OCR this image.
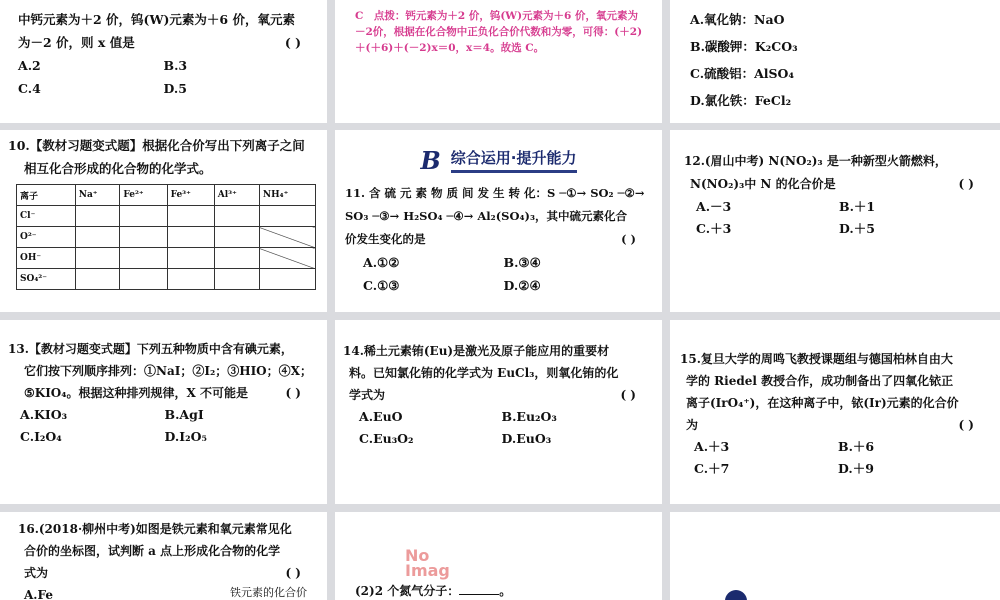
中钙元素为＋2 价，钨(W)元素为＋6 价，氧元素
为－2 价，则 x 值是	( )
A.2	B.3
C.4	D.5
C　点拨：钙元素为＋2 价，钨(W)元素为＋6 价，氧元素为－2价，根据在化合物中正负化合价代数和为零，可得：(＋2)＋(＋6)＋(－2)x＝0，x＝4。故选 C。
A.氧化钠：NaO
B.碳酸钾：K₂CO₃
C.硫酸铝：AlSO₄
D.氯化铁：FeCl₂
10.【教材习题变式题】根据化合价写出下列离子之间

相互化合形成的化合物的化学式。
离子	Na⁺	Fe²⁺	Fe³⁺	Al³⁺	NH₄⁺
Cl⁻					
O²⁻					
OH⁻					
SO₄²⁻					
B 综合运用·提升能力
11. 含 硫 元 素 物 质 间 发 生 转 化：S ─①→ SO₂ ─②→
SO₃ ─③→ H₂SO₄ ─④→ Al₂(SO₄)₃，其中硫元素化合
价发生变化的是	( )
A.①②	B.③④
C.①③	D.②④
12.(眉山中考) N(NO₂)₃ 是一种新型火箭燃料，

N(NO₂)₃中 N 的化合价是	( )
A.－3	B.＋1
C.＋3	D.＋5
13.【教材习题变式题】下列五种物质中含有碘元素，

它们按下列顺序排列：①NaI；②I₂；③HIO；④X；
⑤KIO₄。根据这种排列规律，X 不可能是	( )
A.KIO₃	B.AgI
C.I₂O₄	D.I₂O₅
14.稀土元素铕(Eu)是激光及原子能应用的重要材

料。已知氯化铕的化学式为 EuCl₃，则氧化铕的化
学式为	( )
A.EuO	B.Eu₂O₃
C.Eu₃O₂	D.EuO₃
15.复旦大学的周鸣飞教授课题组与德国柏林自由大

学的 Riedel 教授合作，成功制备出了四氧化铱正
离子(IrO₄⁺)，在这种离子中，铱(Ir)元素的化合价
为	( )
A.＋3	B.＋6
C.＋7	D.＋9
16.(2018·柳州中考)如图是铁元素和氧元素常见化

合价的坐标图，试判断 a 点上形成化合物的化学
式为	( )
A.Fe	铁元素的化合价
No
Imag
(2)2 个氮气分子：	。
